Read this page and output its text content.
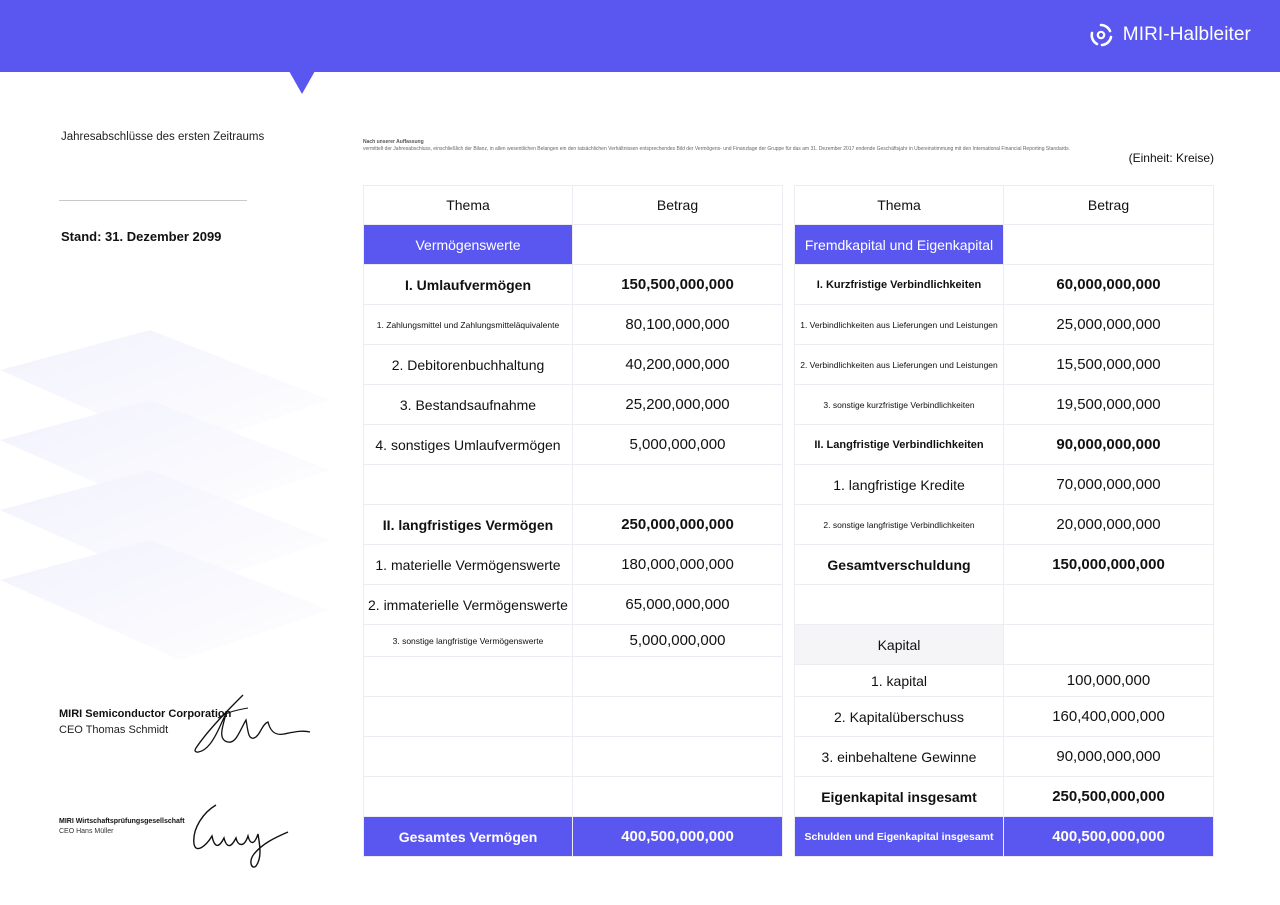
MIRI-Halbleiter
Jahresabschlüsse des ersten Zeitraums
Stand: 31. Dezember 2099
MIRI Semiconductor Corporation
CEO Thomas Schmidt
MIRI Wirtschaftsprüfungsgesellschaft
CEO Hans Müller
Nach unserer Auffassung
vermittelt der Jahresabschluss, einschließlich der Bilanz, in allen wesentlichen Belangen ein den tatsächlichen Verhältnissen entsprechendes Bild der Vermögens- und Finanzlage der Gruppe für das am 31. Dezember 2017 endende Geschäftsjahr in Übereinstimmung mit den International Financial Reporting Standards.
(Einheit: Kreise)
Thema	Betrag
Vermögenswerte
I. Umlaufvermögen	150,500,000,000
1. Zahlungsmittel und Zahlungsmitteläquivalente	80,100,000,000
2. Debitorenbuchhaltung	40,200,000,000
3. Bestandsaufnahme	25,200,000,000
4. sonstiges Umlaufvermögen	5,000,000,000
II. langfristiges Vermögen	250,000,000,000
1. materielle Vermögenswerte	180,000,000,000
2. immaterielle Vermögenswerte	65,000,000,000
3. sonstige langfristige Vermögenswerte	5,000,000,000
Gesamtes Vermögen	400,500,000,000
Thema	Betrag
Fremdkapital und Eigenkapital
I. Kurzfristige Verbindlichkeiten	60,000,000,000
1. Verbindlichkeiten aus Lieferungen und Leistungen	25,000,000,000
2. Verbindlichkeiten aus Lieferungen und Leistungen	15,500,000,000
3. sonstige kurzfristige Verbindlichkeiten	19,500,000,000
II. Langfristige Verbindlichkeiten	90,000,000,000
1. langfristige Kredite	70,000,000,000
2. sonstige langfristige Verbindlichkeiten	20,000,000,000
Gesamtverschuldung	150,000,000,000
Kapital
1. kapital	100,000,000
2. Kapitalüberschuss	160,400,000,000
3. einbehaltene Gewinne	90,000,000,000
Eigenkapital insgesamt	250,500,000,000
Schulden und Eigenkapital insgesamt	400,500,000,000
